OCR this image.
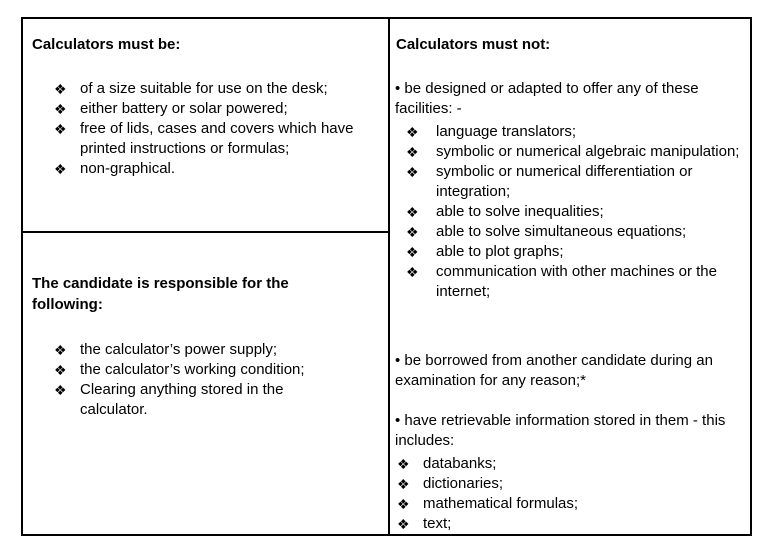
Calculators must be:
❖ of a size suitable for use on the desk;
❖ either battery or solar powered;
❖ free of lids, cases and covers which have printed instructions or formulas;
❖ non-graphical.
The candidate is responsible for the following:
❖ the calculator’s power supply;
❖ the calculator’s working condition;
❖ Clearing anything stored in the calculator.
Calculators must not:
• be designed or adapted to offer any of these facilities: -
❖ language translators;
❖ symbolic or numerical algebraic manipulation;
❖ symbolic or numerical differentiation or integration;
❖ able to solve inequalities;
❖ able to solve simultaneous equations;
❖ able to plot graphs;
❖ communication with other machines or the internet;
• be borrowed from another candidate during an examination for any reason;*
• have retrievable information stored in them - this includes:
❖ databanks;
❖ dictionaries;
❖ mathematical formulas;
❖ text;
